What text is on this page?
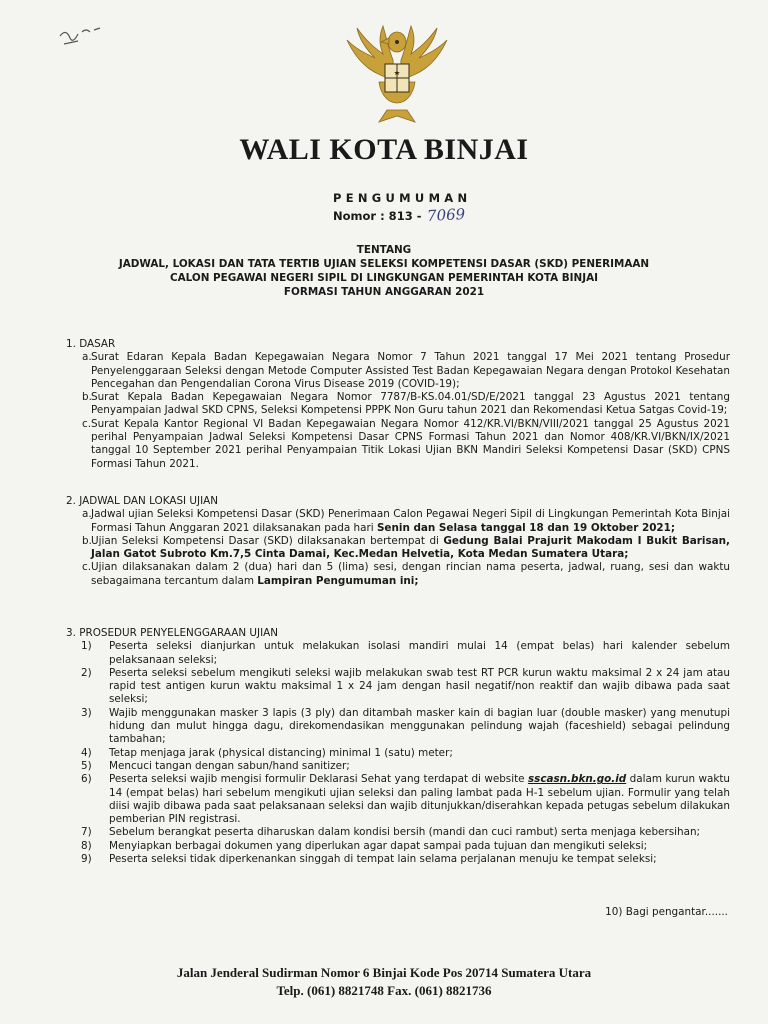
WALI KOTA BINJAI
PENGUMUMAN
Nomor : 813 - 7069
TENTANG
JADWAL, LOKASI DAN TATA TERTIB UJIAN SELEKSI KOMPETENSI DASAR (SKD) PENERIMAAN
CALON PEGAWAI NEGERI SIPIL DI LINGKUNGAN PEMERINTAH KOTA BINJAI
FORMASI TAHUN ANGGARAN 2021
1. DASAR
a. Surat Edaran Kepala Badan Kepegawaian Negara Nomor 7 Tahun 2021 tanggal 17 Mei 2021 tentang Prosedur Penyelenggaraan Seleksi dengan Metode Computer Assisted Test Badan Kepegawaian Negara dengan Protokol Kesehatan Pencegahan dan Pengendalian Corona Virus Disease 2019 (COVID-19);
b. Surat Kepala Badan Kepegawaian Negara Nomor 7787/B-KS.04.01/SD/E/2021 tanggal 23 Agustus 2021 tentang Penyampaian Jadwal SKD CPNS, Seleksi Kompetensi PPPK Non Guru tahun 2021 dan Rekomendasi Ketua Satgas Covid-19;
c. Surat Kepala Kantor Regional VI Badan Kepegawaian Negara Nomor 412/KR.VI/BKN/VIII/2021 tanggal 25 Agustus 2021 perihal Penyampaian Jadwal Seleksi Kompetensi Dasar CPNS Formasi Tahun 2021 dan Nomor 408/KR.VI/BKN/IX/2021 tanggal 10 September 2021 perihal Penyampaian Titik Lokasi Ujian BKN Mandiri Seleksi Kompetensi Dasar (SKD) CPNS Formasi Tahun 2021.
2. JADWAL DAN LOKASI UJIAN
a. Jadwal ujian Seleksi Kompetensi Dasar (SKD) Penerimaan Calon Pegawai Negeri Sipil di Lingkungan Pemerintah Kota Binjai Formasi Tahun Anggaran 2021 dilaksanakan pada hari Senin dan Selasa tanggal 18 dan 19 Oktober 2021;
b. Ujian Seleksi Kompetensi Dasar (SKD) dilaksanakan bertempat di Gedung Balai Prajurit Makodam I Bukit Barisan, Jalan Gatot Subroto Km.7,5 Cinta Damai, Kec.Medan Helvetia, Kota Medan Sumatera Utara;
c. Ujian dilaksanakan dalam 2 (dua) hari dan 5 (lima) sesi, dengan rincian nama peserta, jadwal, ruang, sesi dan waktu sebagaimana tercantum dalam Lampiran Pengumuman ini;
3. PROSEDUR PENYELENGGARAAN UJIAN
1) Peserta seleksi dianjurkan untuk melakukan isolasi mandiri mulai 14 (empat belas) hari kalender sebelum pelaksanaan seleksi;
2) Peserta seleksi sebelum mengikuti seleksi wajib melakukan swab test RT PCR kurun waktu maksimal 2 x 24 jam atau rapid test antigen kurun waktu maksimal 1 x 24 jam dengan hasil negatif/non reaktif dan wajib dibawa pada saat seleksi;
3) Wajib menggunakan masker 3 lapis (3 ply) dan ditambah masker kain di bagian luar (double masker) yang menutupi hidung dan mulut hingga dagu, direkomendasikan menggunakan pelindung wajah (faceshield) sebagai pelindung tambahan;
4) Tetap menjaga jarak (physical distancing) minimal 1 (satu) meter;
5) Mencuci tangan dengan sabun/hand sanitizer;
6) Peserta seleksi wajib mengisi formulir Deklarasi Sehat yang terdapat di website sscasn.bkn.go.id dalam kurun waktu 14 (empat belas) hari sebelum mengikuti ujian seleksi dan paling lambat pada H-1 sebelum ujian. Formulir yang telah diisi wajib dibawa pada saat pelaksanaan seleksi dan wajib ditunjukkan/diserahkan kepada petugas sebelum dilakukan pemberian PIN registrasi.
7) Sebelum berangkat peserta diharuskan dalam kondisi bersih (mandi dan cuci rambut) serta menjaga kebersihan;
8) Menyiapkan berbagai dokumen yang diperlukan agar dapat sampai pada tujuan dan mengikuti seleksi;
9) Peserta seleksi tidak diperkenankan singgah di tempat lain selama perjalanan menuju ke tempat seleksi;
10) Bagi pengantar.......
Jalan Jenderal Sudirman Nomor 6 Binjai Kode Pos 20714 Sumatera Utara
Telp. (061) 8821748 Fax. (061) 8821736
